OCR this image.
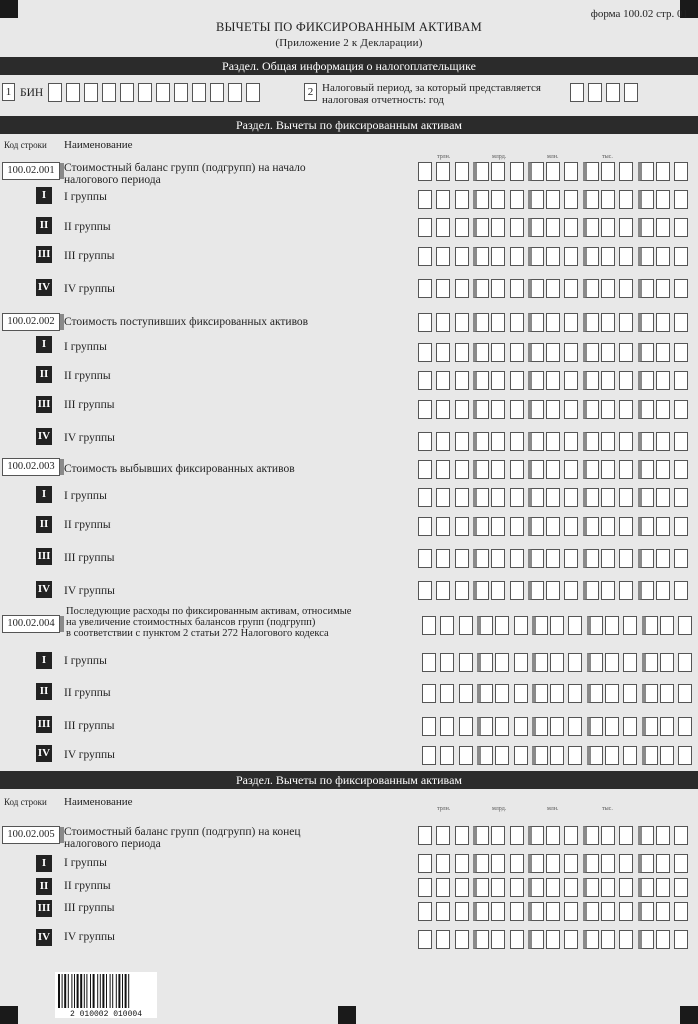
ВЫЧЕТЫ ПО ФИКСИРОВАННЫМ АКТИВАМ
(Приложение 2 к Декларации)
форма 100.02 стр. 01
Раздел. Общая информация о налогоплательщике
1 БИН	2 Налоговый период, за который представляется
налоговая отчетность: год
Раздел. Вычеты по фиксированным активам
Код строки Наименование
трлн.	млрд.	млн.	тыс.
100.02.001 Стоимостный баланс групп (подгрупп) на начало
налогового периода
I	I группы
II	II группы
III III группы
IV IV группы
100.02.002 Стоимость поступивших фиксированных активов
I	I группы
II	II группы
III III группы
IV IV группы
100.02.003 Стоимость выбывших фиксированных активов
I	I группы
II	II группы
III III группы
IV IV группы
100.02.004
Последующие расходы по фиксированным активам, относимые
на увеличение стоимостных балансов групп (подгрупп)
в соответствии с пунктом 2 статьи 272 Налогового кодекса
I	I группы
II	II группы
III III группы
IV IV группы
Раздел. Вычеты по фиксированным активам
Код строки Наименование
трлн.	млрд.	млн.	тыс.
100.02.005 Стоимостный баланс групп (подгрупп) на конец
налогового периода
I	I группы
II	II группы
III III группы
IV IV группы
2 010002 010004
